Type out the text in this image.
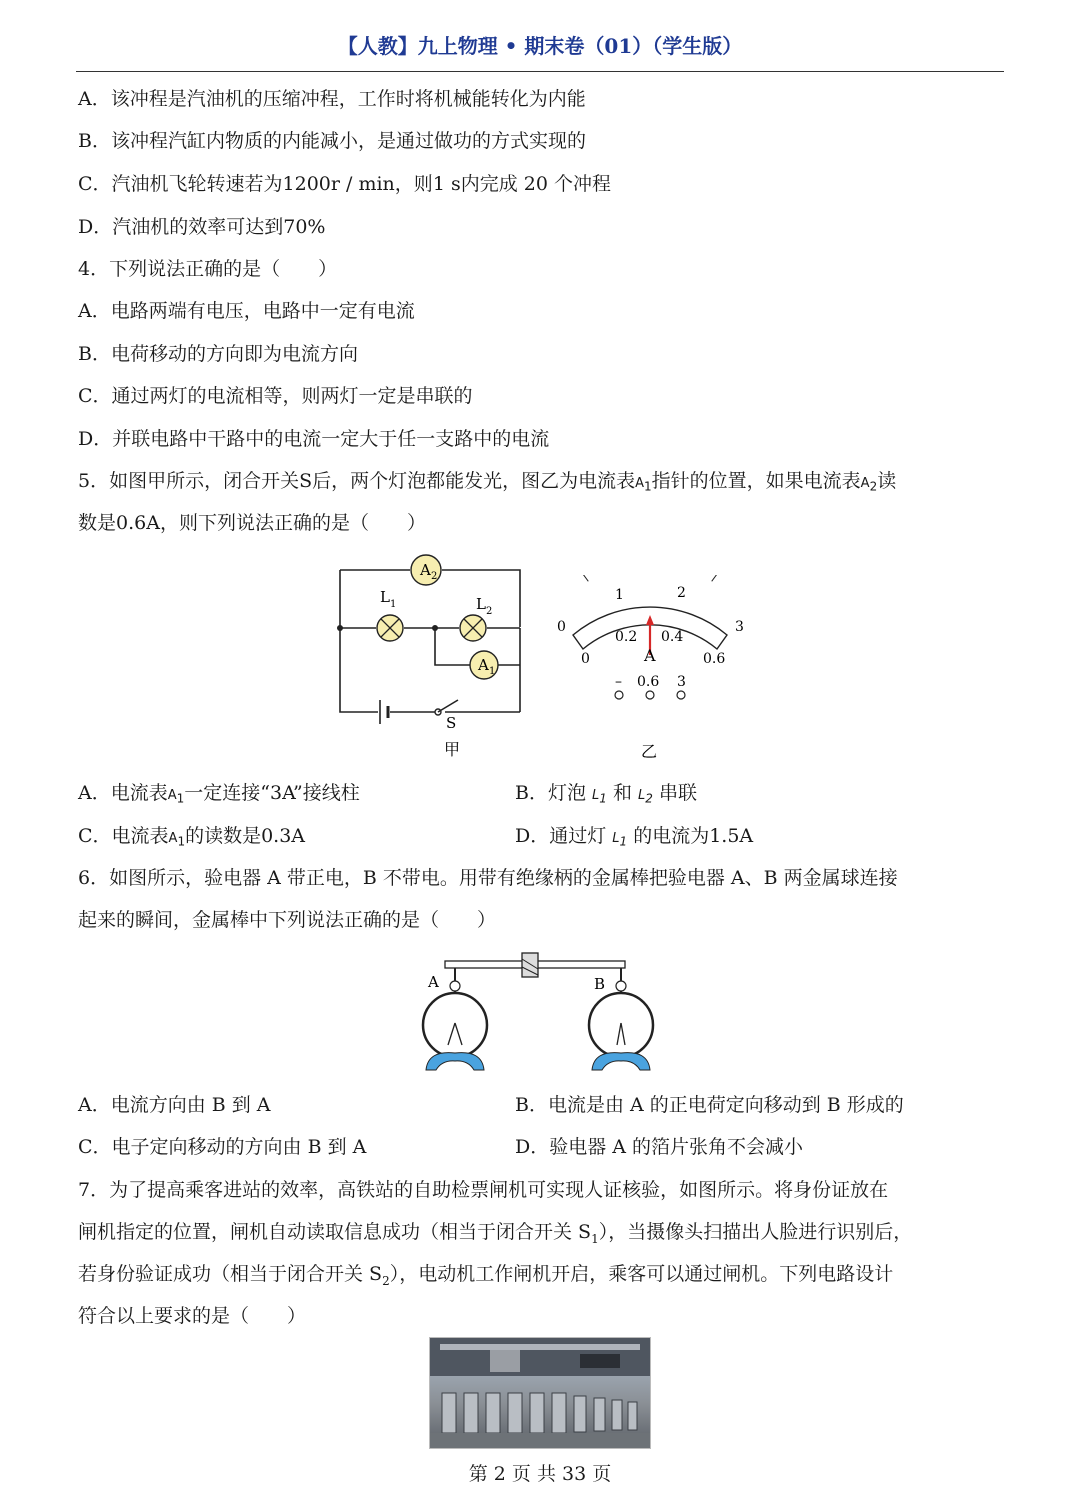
【人教】九上物理 • 期末卷（01）（学生版）
A．该冲程是汽油机的压缩冲程，工作时将机械能转化为内能
B．该冲程汽缸内物质的内能减小，是通过做功的方式实现的
C．汽油机飞轮转速若为1200r / min，则1 s内完成 20 个冲程
D．汽油机的效率可达到70%
4．下列说法正确的是（　　）
A．电路两端有电压，电路中一定有电流
B．电荷移动的方向即为电流方向
C．通过两灯的电流相等，则两灯一定是串联的
D．并联电路中干路中的电流一定大于任一支路中的电流
5．如图甲所示，闭合开关S后，两个灯泡都能发光，图乙为电流表$A_1$指针的位置，如果电流表$A_2$读
数是0.6A，则下列说法正确的是（　　）
A 2
L 1	L 2
A 1
S
甲
0
1	2
3
0
0.2 0.4
0.6
A
– 0.6 3
乙
A．电流表$A_1$一定连接“3A”接线柱	B．灯泡 $L_1$ 和 $L_2$ 串联
C．电流表$A_1$的读数是0.3A	D．通过灯 $L_1$ 的电流为1.5A
6．如图所示，验电器 A 带正电，B 不带电。用带有绝缘柄的金属棒把验电器 A、B 两金属球连接
起来的瞬间，金属棒中下列说法正确的是（　　）
A	B
A．电流方向由 B 到 A	B．电流是由 A 的正电荷定向移动到 B 形成的
C．电子定向移动的方向由 B 到 A	D．验电器 A 的箔片张角不会减小
7．为了提高乘客进站的效率，高铁站的自助检票闸机可实现人证核验，如图所示。将身份证放在
闸机指定的位置，闸机自动读取信息成功（相当于闭合开关 $S_1$），当摄像头扫描出人脸进行识别后，
若身份验证成功（相当于闭合开关 $S_2$），电动机工作闸机开启，乘客可以通过闸机。下列电路设计
符合以上要求的是（　　）
第 2 页 共 33 页
